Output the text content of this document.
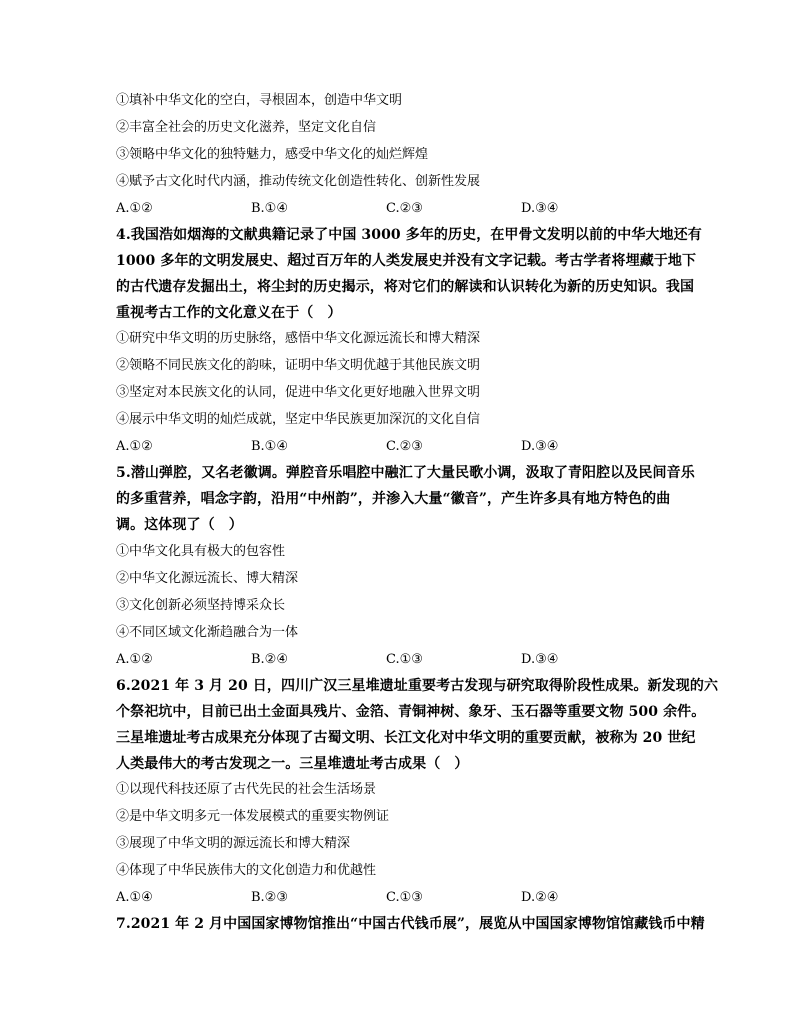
①填补中华文化的空白，寻根固本，创造中华文明
②丰富全社会的历史文化滋养，坚定文化自信
③领略中华文化的独特魅力，感受中华文化的灿烂辉煌
④赋予古文化时代内涵，推动传统文化创造性转化、创新性发展
A.①②	B.①④	C.②③	D.③④
4.我国浩如烟海的文献典籍记录了中国 3000 多年的历史，在甲骨文发明以前的中华大地还有
1000 多年的文明发展史、超过百万年的人类发展史并没有文字记载。考古学者将埋藏于地下
的古代遗存发掘出土，将尘封的历史揭示，将对它们的解读和认识转化为新的历史知识。我国
重视考古工作的文化意义在于（　）
①研究中华文明的历史脉络，感悟中华文化源远流长和博大精深
②领略不同民族文化的韵味，证明中华文明优越于其他民族文明
③坚定对本民族文化的认同，促进中华文化更好地融入世界文明
④展示中华文明的灿烂成就，坚定中华民族更加深沉的文化自信
A.①②	B.①④	C.②③	D.③④
5.潜山弹腔，又名老徽调。弹腔音乐唱腔中融汇了大量民歌小调，汲取了青阳腔以及民间音乐
的多重营养，唱念字韵，沿用“中州韵”，并渗入大量“徽音”，产生许多具有地方特色的曲
调。这体现了（　）
①中华文化具有极大的包容性
②中华文化源远流长、博大精深
③文化创新必须坚持博采众长
④不同区域文化渐趋融合为一体
A.①②	B.②④	C.①③	D.③④
6.2021 年 3 月 20 日，四川广汉三星堆遗址重要考古发现与研究取得阶段性成果。新发现的六
个祭祀坑中，目前已出土金面具残片、金箔、青铜神树、象牙、玉石器等重要文物 500 余件。
三星堆遗址考古成果充分体现了古蜀文明、长江文化对中华文明的重要贡献，被称为 20 世纪
人类最伟大的考古发现之一。三星堆遗址考古成果（　）
①以现代科技还原了古代先民的社会生活场景
②是中华文明多元一体发展模式的重要实物例证
③展现了中华文明的源远流长和博大精深
④体现了中华民族伟大的文化创造力和优越性
A.①④	B.②③	C.①③	D.②④
7.2021 年 2 月中国国家博物馆推出“中国古代钱币展”，展览从中国国家博物馆馆藏钱币中精
